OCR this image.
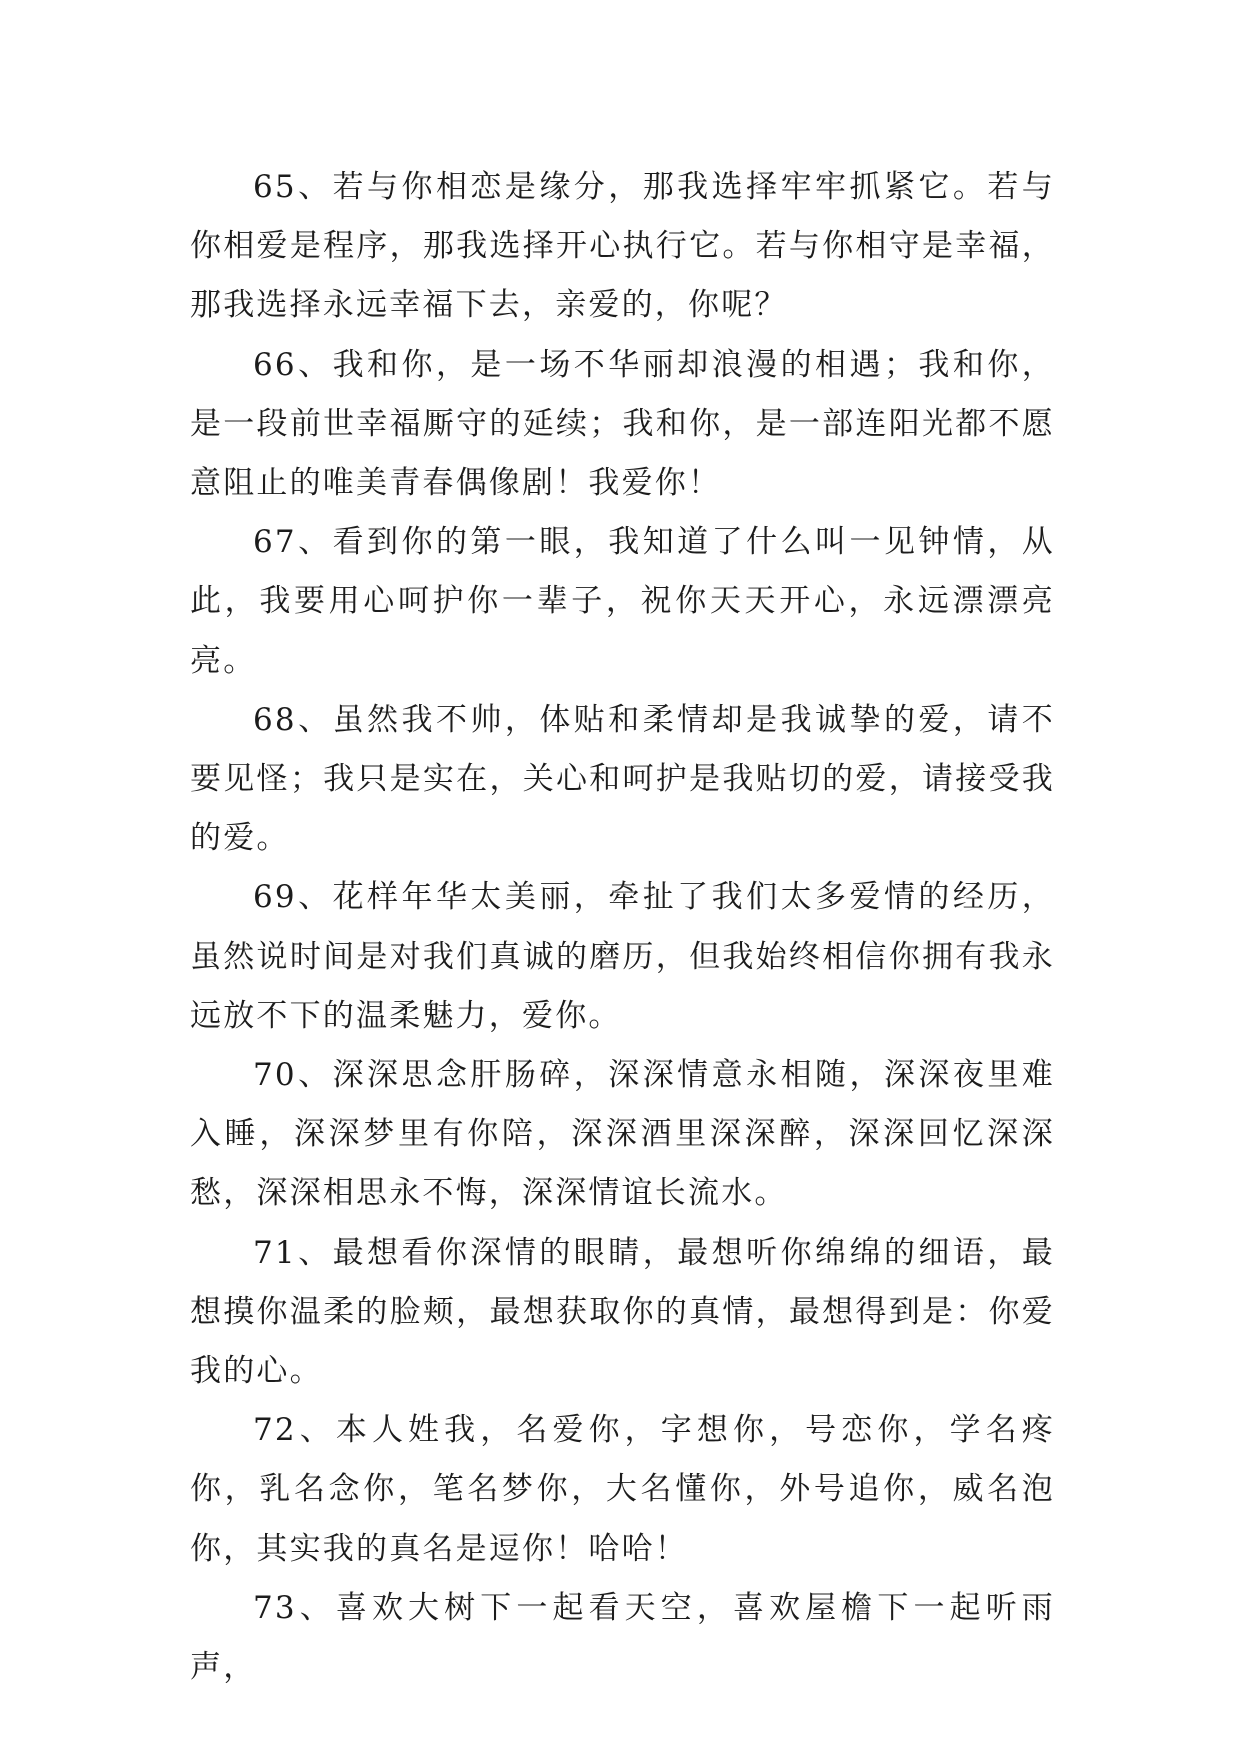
65、若与你相恋是缘分，那我选择牢牢抓紧它。若与你相爱是程序，那我选择开心执行它。若与你相守是幸福，那我选择永远幸福下去，亲爱的，你呢？

66、我和你，是一场不华丽却浪漫的相遇；我和你，是一段前世幸福厮守的延续；我和你，是一部连阳光都不愿意阻止的唯美青春偶像剧！我爱你！

67、看到你的第一眼，我知道了什么叫一见钟情，从此，我要用心呵护你一辈子，祝你天天开心，永远漂漂亮亮。

68、虽然我不帅，体贴和柔情却是我诚挚的爱，请不要见怪；我只是实在，关心和呵护是我贴切的爱，请接受我的爱。

69、花样年华太美丽，牵扯了我们太多爱情的经历，虽然说时间是对我们真诚的磨历，但我始终相信你拥有我永远放不下的温柔魅力，爱你。

70、深深思念肝肠碎，深深情意永相随，深深夜里难入睡，深深梦里有你陪，深深酒里深深醉，深深回忆深深愁，深深相思永不悔，深深情谊长流水。

71、最想看你深情的眼睛，最想听你绵绵的细语，最想摸你温柔的脸颊，最想获取你的真情，最想得到是：你爱我的心。

72、本人姓我，名爱你，字想你，号恋你，学名疼你，乳名念你，笔名梦你，大名懂你，外号追你，威名泡你，其实我的真名是逗你！哈哈！

73、喜欢大树下一起看天空，喜欢屋檐下一起听雨声，
